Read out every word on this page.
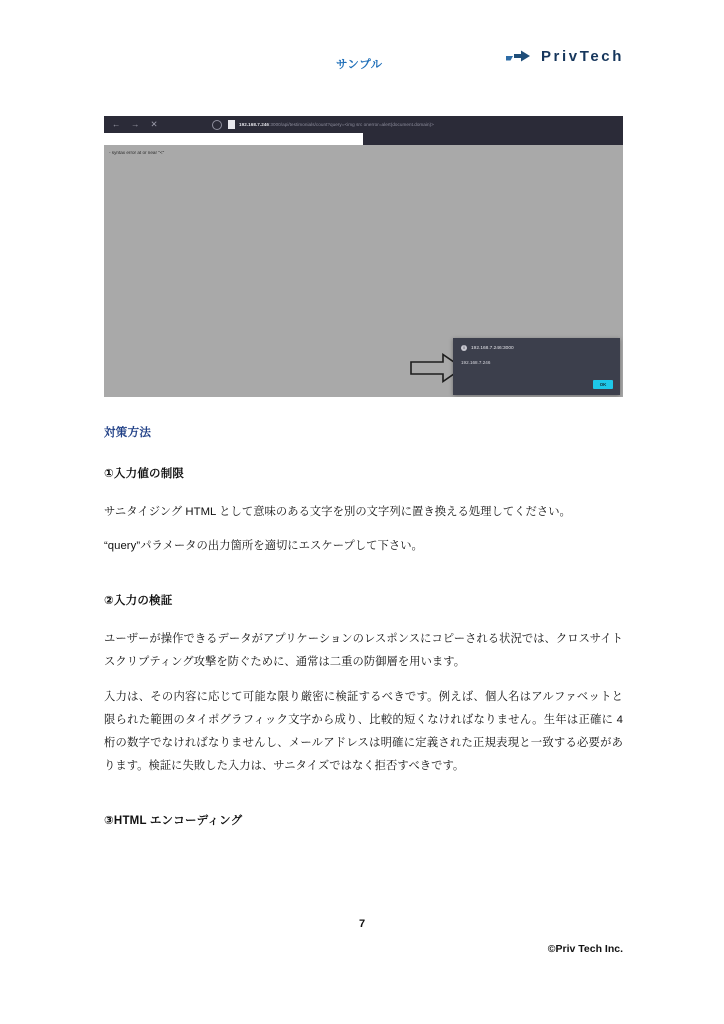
サンプル	PrivTech
← → ✕	192.168.7.246:3000/api/testimonials/count?query=<img src onerror=alert(document.domain)>
- syntax error at or near "<"
i	192.168.7.246:3000
192.168.7.246
OK
対策方法
①入力値の制限

サニタイジング HTML として意味のある文字を別の文字列に置き換える処理してください。

“query”パラメータの出力箇所を適切にエスケープして下さい。

②入力の検証

ユーザーが操作できるデータがアプリケーションのレスポンスにコピーされる状況では、クロスサイトスクリプティング攻撃を防ぐために、通常は二重の防御層を用います。

入力は、その内容に応じて可能な限り厳密に検証するべきです。例えば、個人名はアルファベットと限られた範囲のタイポグラフィック文字から成り、比較的短くなければなりません。生年は正確に 4 桁の数字でなければなりませんし、メールアドレスは明確に定義された正規表現と一致する必要があります。検証に失敗した入力は、サニタイズではなく拒否すべきです。

③HTML エンコーディング
7
©Priv Tech Inc.
